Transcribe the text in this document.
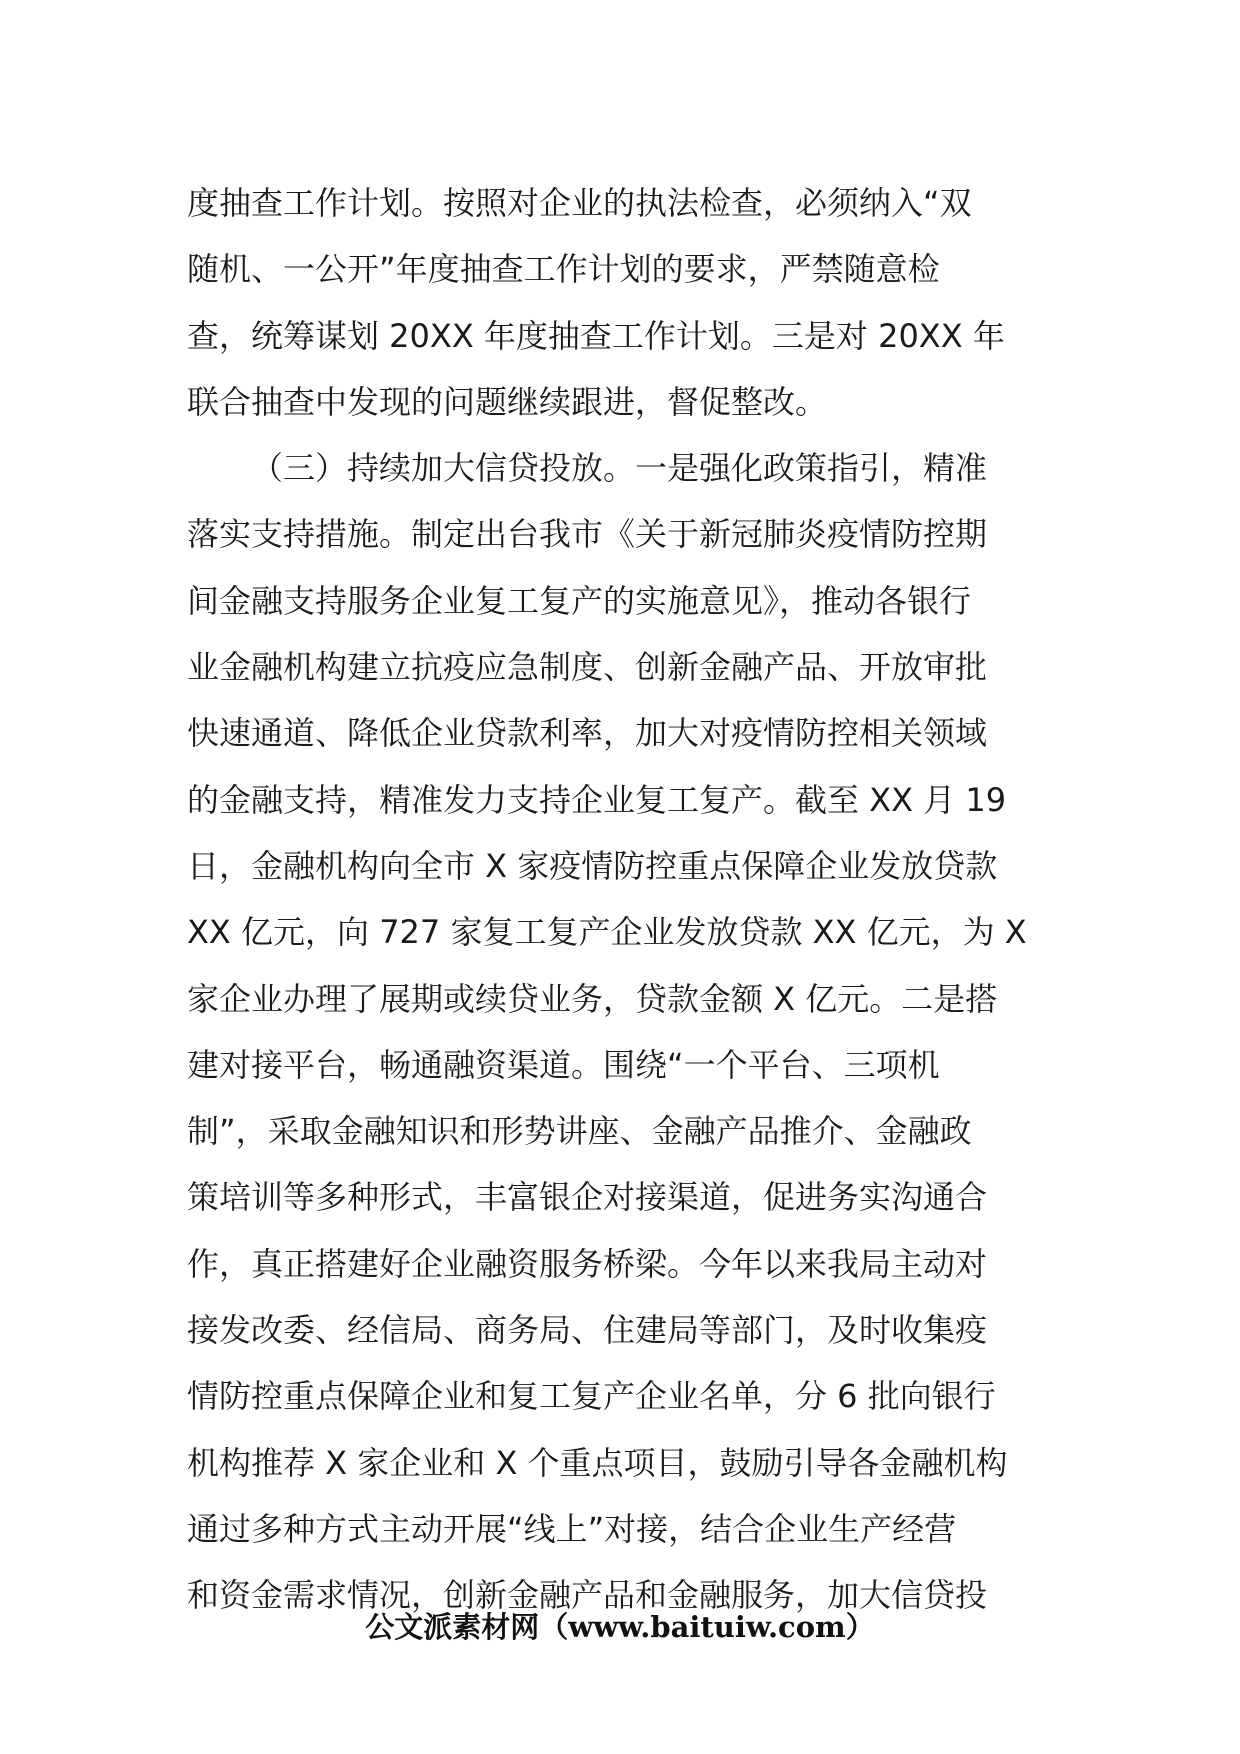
度抽查工作计划。按照对企业的执法检查，必须纳入“双
随机、一公开”年度抽查工作计划的要求，严禁随意检
查，统筹谋划 20XX 年度抽查工作计划。三是对 20XX 年
联合抽查中发现的问题继续跟进，督促整改。
（三）持续加大信贷投放。一是强化政策指引，精准
落实支持措施。制定出台我市《关于新冠肺炎疫情防控期
间金融支持服务企业复工复产的实施意见》，推动各银行
业金融机构建立抗疫应急制度、创新金融产品、开放审批
快速通道、降低企业贷款利率，加大对疫情防控相关领域
的金融支持，精准发力支持企业复工复产。截至 XX 月 19
日，金融机构向全市 X 家疫情防控重点保障企业发放贷款
XX 亿元，向 727 家复工复产企业发放贷款 XX 亿元，为 X
家企业办理了展期或续贷业务，贷款金额 X 亿元。二是搭
建对接平台，畅通融资渠道。围绕“一个平台、三项机
制”，采取金融知识和形势讲座、金融产品推介、金融政
策培训等多种形式，丰富银企对接渠道，促进务实沟通合
作，真正搭建好企业融资服务桥梁。今年以来我局主动对
接发改委、经信局、商务局、住建局等部门，及时收集疫
情防控重点保障企业和复工复产企业名单，分 6 批向银行
机构推荐 X 家企业和 X 个重点项目，鼓励引导各金融机构
通过多种方式主动开展“线上”对接，结合企业生产经营
和资金需求情况，创新金融产品和金融服务，加大信贷投
公文派素材网（www.baituiw.com）
